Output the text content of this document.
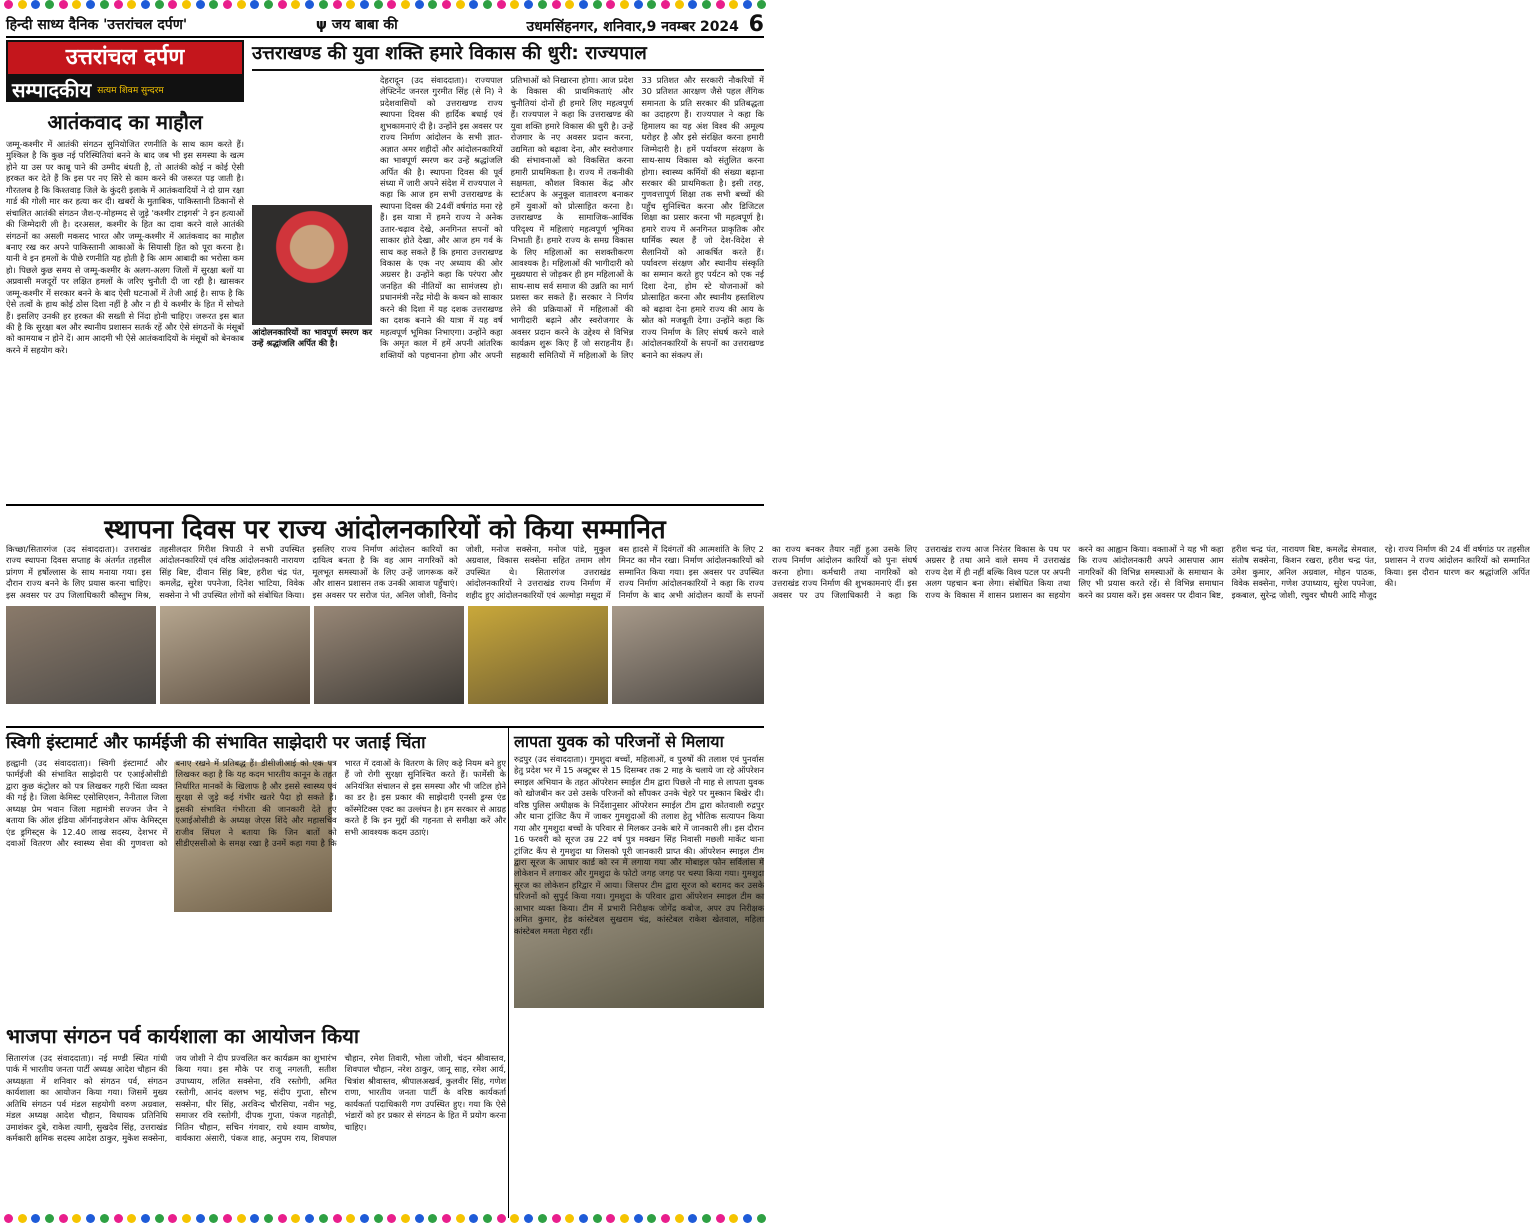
हिन्दी साध्य दैनिक 'उत्तरांचल दर्पण'	ψ जय बाबा की	उधमसिंहनगर, शनिवार,9 नवम्बर 2024 6
उत्तरांचल दर्पण
सम्पादकीय सत्यम शिवम सुन्दरम
आतंकवाद का माहौल
जम्मू-कश्मीर में आतंकी संगठन सुनियोजित रणनीति के साथ काम करते हैं। मुश्किल है कि कुछ नई परिस्थितियां बनने के बाद जब भी इस समस्या के खत्म होने या उस पर काबू पाने की उम्मीद बंधती है, तो आतंकी कोई न कोई ऐसी हरकत कर देते हैं कि इस पर नए सिरे से काम करने की जरूरत पड़ जाती है। गौरतलब है कि किश्तवाड़ जिले के कुंदरी इलाके में आतंकवादियों ने दो ग्राम रक्षा गार्ड की गोली मार कर हत्या कर दी। खबरों के मुताबिक, पाकिस्तानी ठिकानों से संचालित आतंकी संगठन जैश-ए-मोहम्मद से जुड़े 'कश्मीर टाइगर्स' ने इन हत्याओं की जिम्मेदारी ली है। दरअसल, कश्मीर के हित का दावा करने वाले आतंकी संगठनों का असली मकसद भारत और जम्मू-कश्मीर में आतंकवाद का माहौल बनाए रख कर अपने पाकिस्तानी आकाओं के सियासी हित को पूरा करना है। यानी वे इन हमलों के पीछे रणनीति यह होती है कि आम आबादी का भरोसा कम हो। पिछले कुछ समय से जम्मू-कश्मीर के अलग-अलग जिलों में सुरक्षा बलों या अप्रवासी मजदूरों पर लक्षित हमलों के जरिए चुनौती दी जा रही है। खासकर जम्मू-कश्मीर में सरकार बनने के बाद ऐसी घटनाओं में तेजी आई है। साफ है कि ऐसे तत्वों के हाथ कोई ठोस दिशा नहीं है और न ही ये कश्मीर के हित में सोचते हैं। इसलिए उनकी हर हरकत की सख्ती से निंदा होनी चाहिए। जरूरत इस बात की है कि सुरक्षा बल और स्थानीय प्रशासन सतर्क रहें और ऐसे संगठनों के मंसूबों को कामयाब न होने दें। आम आदमी भी ऐसे आतंकवादियों के मंसूबों को बेनकाब करने में सहयोग करे।
उत्तराखण्ड की युवा शक्ति हमारे विकास की धुरी: राज्यपाल
आंदोलनकारियों का भावपूर्ण स्मरण कर उन्हें श्रद्धांजलि अर्पित की है।
देहरादून (उद संवाददाता)। राज्यपाल लेफ्टिनेंट जनरल गुरमीत सिंह (से नि) ने प्रदेशवासियों को उत्तराखण्ड राज्य स्थापना दिवस की हार्दिक बधाई एवं शुभकामनाएं दी है। उन्होंने इस अवसर पर राज्य निर्माण आंदोलन के सभी ज्ञात-अज्ञात अमर शहीदों और आंदोलनकारियों का भावपूर्ण स्मरण कर उन्हें श्रद्धांजलि अर्पित की है। स्थापना दिवस की पूर्व संध्या में जारी अपने संदेश में राज्यपाल ने कहा कि आज हम सभी उत्तराखण्ड के स्थापना दिवस की 24वीं वर्षगांठ मना रहे हैं। इस यात्रा में हमने राज्य ने अनेक उतार-चढ़ाव देखे, अनगिनत सपनों को साकार होते देखा, और आज हम गर्व के साथ कह सकते हैं कि हमारा उत्तराखण्ड विकास के एक नए अध्याय की ओर अग्रसर है। उन्होंने कहा कि परंपरा और जनहित की नीतियों का सामंजस्य हो। प्रधानमंत्री नरेंद्र मोदी के कथन को साकार करने की दिशा में यह दशक उत्तराखण्ड का दशक बनाने की यात्रा में यह वर्ष महत्वपूर्ण भूमिका निभाएगा। उन्होंने कहा कि अमृत काल में हमें अपनी आंतरिक शक्तियों को पहचानना होगा और अपनी प्रतिभाओं को निखारना होगा। आज प्रदेश के विकास की प्राथमिकताएं और चुनौतियां दोनों ही हमारे लिए महत्वपूर्ण हैं। राज्यपाल ने कहा कि उत्तराखण्ड की युवा शक्ति हमारे विकास की धुरी है। उन्हें रोजगार के नए अवसर प्रदान करना, उद्यमिता को बढ़ावा देना, और स्वरोजगार की संभावनाओं को विकसित करना हमारी प्राथमिकता है। राज्य में तकनीकी सक्षमता, कौशल विकास केंद्र और स्टार्टअप के अनुकूल वातावरण बनाकर हमें युवाओं को प्रोत्साहित करना है। उत्तराखण्ड के सामाजिक-आर्थिक परिदृश्य में महिलाएं महत्वपूर्ण भूमिका निभाती हैं। हमारे राज्य के समग्र विकास के लिए महिलाओं का सशक्तीकरण आवश्यक है। महिलाओं की भागीदारी को मुख्यधारा से जोड़कर ही हम महिलाओं के साथ-साथ सर्व समाज की उन्नति का मार्ग प्रशस्त कर सकते हैं। सरकार ने निर्णय लेने की प्रक्रियाओं में महिलाओं की भागीदारी बढ़ाने और स्वरोजगार के अवसर प्रदान करने के उद्देश्य से विभिन्न कार्यक्रम शुरू किए हैं जो सराहनीय हैं। सहकारी समितियों में महिलाओं के लिए 33 प्रतिशत और सरकारी नौकरियों में 30 प्रतिशत आरक्षण जैसे पहल लैंगिक समानता के प्रति सरकार की प्रतिबद्धता का उदाहरण हैं। राज्यपाल ने कहा कि हिमालय का यह अंश विश्व की अमूल्य धरोहर है और इसे संरक्षित करना हमारी जिम्मेदारी है। हमें पर्यावरण संरक्षण के साथ-साथ विकास को संतुलित करना होगा। स्वास्थ्य कर्मियों की संख्या बढ़ाना सरकार की प्राथमिकता है। इसी तरह, गुणवत्तापूर्ण शिक्षा तक सभी बच्चों की पहुँच सुनिश्चित करना और डिजिटल शिक्षा का प्रसार करना भी महत्वपूर्ण है। हमारे राज्य में अनगिनत प्राकृतिक और धार्मिक स्थल हैं जो देश-विदेश से सैलानियों को आकर्षित करते हैं। पर्यावरण संरक्षण और स्थानीय संस्कृति का सम्मान करते हुए पर्यटन को एक नई दिशा देना, होम स्टे योजनाओं को प्रोत्साहित करना और स्थानीय हस्तशिल्प को बढ़ावा देना हमारे राज्य की आय के स्रोत को मजबूती देगा। उन्होंने कहा कि राज्य निर्माण के लिए संघर्ष करने वाले आंदोलनकारियों के सपनों का उत्तराखण्ड बनाने का संकल्प लें।
स्थापना दिवस पर राज्य आंदोलनकारियों को किया सम्मानित
किच्छा/सितारगंज (उद संवाददाता)। उत्तराखंड राज्य स्थापना दिवस सप्ताह के अंतर्गत तहसील प्रांगण में हर्षोल्लास के साथ मनाया गया। इस दौरान राज्य बनने के लिए प्रयास करना चाहिए। इस अवसर पर उप जिलाधिकारी कौस्तुभ मिश्र, तहसीलदार गिरीश त्रिपाठी ने सभी उपस्थित आंदोलनकारियों एवं वरिष्ठ आंदोलनकारी नारायण सिंह बिष्ट, दीवान सिंह बिष्ट, हरीश चंद्र पंत, कमलेंद्र, सुरेश पपनेजा, दिनेश भाटिया, विवेक सक्सेना ने भी उपस्थित लोगों को संबोधित किया। इसलिए राज्य निर्माण आंदोलन कारियों का दायित्व बनता है कि वह आम नागरिकों को मूलभूत समस्याओं के लिए उन्हें जागरूक करें और शासन प्रशासन तक उनकी आवाज पहुँचाएं। इस अवसर पर सरोज पंत, अनिल जोशी, विनोद जोशी, मनोज सक्सेना, मनोज पांडे, मुकुल अग्रवाल, विकास सक्सेना सहित तमाम लोग उपस्थित थे। सितारगंज उत्तराखंड आंदोलनकारियों ने उत्तराखंड राज्य निर्माण में शहीद हुए आंदोलनकारियों एवं अल्मोड़ा मसूदा में बस हादसे में दिवंगतों की आत्मशांति के लिए 2 मिनट का मौन रखा। निर्माण आंदोलनकारियों को सम्मानित किया गया। इस अवसर पर उपस्थित राज्य निर्माण आंदोलनकारियों ने कहा कि राज्य निर्माण के बाद अभी आंदोलन कार्यों के सपनों का राज्य बनकर तैयार नहीं हुआ उसके लिए राज्य निर्माण आंदोलन कारियों को पुनः संघर्ष करना होगा। कर्मचारी तथा नागरिकों को उत्तराखंड राज्य निर्माण की शुभकामनाएं दीं। इस अवसर पर उप जिलाधिकारी ने कहा कि उत्तराखंड राज्य आज निरंतर विकास के पथ पर अग्रसर है तथा आने वाले समय में उत्तराखंड राज्य देश में ही नहीं बल्कि विश्व पटल पर अपनी अलग पहचान बना लेगा। संबोधित किया तथा राज्य के विकास में शासन प्रशासन का सहयोग करने का आह्वान किया। वक्ताओं ने यह भी कहा कि राज्य आंदोलनकारी अपने आसपास आम नागरिकों की विभिन्न समस्याओं के समाधान के लिए भी प्रयास करते रहें। से विभिन्न समाधान करने का प्रयास करें। इस अवसर पर दीवान बिष्ट, हरीश चन्द्र पंत, नारायण बिष्ट, कमलेंद्र सेमवाल, संतोष सक्सेना, किशन रखरा, हरीश चन्द्र पंत, उमेश कुमार, अनिल अग्रवाल, मोहन पाठक, विवेक सक्सेना, गणेश उपाध्याय, सुरेश पपनेजा, इकबाल, सुरेन्द्र जोशी, रघुवर चौधरी आदि मौजूद रहे। राज्य निर्माण की 24 वीं वर्षगांठ पर तहसील प्रशासन ने राज्य आंदोलन कारियों को सम्मानित किया। इस दौरान धारण कर श्रद्धांजलि अर्पित की।
स्विगी इंस्टामार्ट और फार्मईजी की संभावित साझेदारी पर जताई चिंता
हल्द्वानी (उद संवाददाता)। स्विगी इंस्टामार्ट और फार्मईजी की संभावित साझेदारी पर एआईओसीडी द्वारा कुछ कंट्रोलर को पत्र लिखकर गहरी चिंता व्यक्त की गई है। जिला केमिस्ट एसोसिएशन, नैनीताल जिला अध्यक्ष प्रेम भवान जिला महामंत्री सज्जन जैन ने बताया कि ऑल इंडिया ऑर्गनाइजेशन ऑफ केमिस्ट्स एंड ड्रगिस्ट्स के 12.40 लाख सदस्य, देशभर में दवाओं वितरण और स्वास्थ्य सेवा की गुणवत्ता को बनाए रखने में प्रतिबद्ध हैं। डीसीजीआई को एक पत्र लिखकर कहा है कि यह कदम भारतीय कानून के तहत निर्धारित मानकों के खिलाफ है और इससे स्वास्थ्य एवं सुरक्षा से जुड़े कई गंभीर खतरे पैदा हो सकते हैं। इसकी संभावित गंभीरता की जानकारी देते हुए एआईओसीडी के अध्यक्ष जेएस शिंदे और महासचिव राजीव सिंघल ने बताया कि जिन बातों को सीडीएससीओ के समक्ष रखा है उनमें कहा गया है कि भारत में दवाओं के वितरण के लिए कड़े नियम बने हुए हैं जो रोगी सुरक्षा सुनिश्चित करते हैं। फार्मेसी के अनियंत्रित संचालन से इस समस्या और भी जटिल होने का डर है। इस प्रकार की साझेदारी एनसी ड्रग्स एंड कॉस्मेटिक्स एक्ट का उल्लंघन है। हम सरकार से आग्रह करते हैं कि इन मुद्दों की गहनता से समीक्षा करें और सभी आवश्यक कदम उठाएं।
लापता युवक को परिजनों से मिलाया
रुद्रपुर (उद संवाददाता)। गुमशुदा बच्चों, महिलाओं, व पुरुषों की तलाश एवं पुनर्वास हेतु प्रदेश भर में 15 अक्टूबर से 15 दिसम्बर तक 2 माह के चलाये जा रहे ऑपरेशन स्माइल अभियान के तहत ऑपरेशन स्माईल टीम द्वारा पिछले नौ माह से लापता युवक को खोजबीन कर उसे उसके परिजनों को सौंपकर उनके चेहरे पर मुस्कान बिखेर दी। वरिष्ठ पुलिस अधीक्षक के निर्देशानुसार ऑपरेशन स्माईल टीम द्वारा कोतवाली रुद्रपुर और थाना ट्रांजिट कैंप में जाकर गुमशुदाओं की तलाश हेतु भौतिक सत्यापन किया गया और गुमशुदा बच्चों के परिवार से मिलकर उनके बारे में जानकारी ली। इस दौरान 16 फरवरी को सूरज उम्र 22 वर्ष पुत्र मक्खन सिंह निवासी मछली मार्केट थाना ट्रांजिट कैंप से गुमशुदा था जिसको पूरी जानकारी प्राप्त की। ऑपरेशन स्माइल टीम द्वारा सूरज के आधार कार्ड को रन में लगाया गया और मोबाइल फोन सर्विलांस में लोकेशन में लगाकर और गुमशुदा के फोटो जगह जगह पर चस्पा किया गया। गुमशुदा सूरज का लोकेशन हरिद्वार में आया। जिसपर टीम द्वारा सूरज को बरामद कर उसके परिजनों को सुपुर्द किया गया। गुमशुदा के परिवार द्वारा ऑपरेशन स्माइल टीम का आभार व्यक्त किया। टीम में प्रभारी निरीक्षक जोगेंद्र कबोज, अपर उप निरीक्षक अमित कुमार, हेड कांस्टेबल सुखराम चंद्र, कांस्टेबल राकेश खेतवाल, महिला कांस्टेबल ममता मेहरा रहीं।
भाजपा संगठन पर्व कार्यशाला का आयोजन किया
सितारगंज (उद संवाददाता)। नई मण्डी स्थित गांधी पार्क में भारतीय जनता पार्टी अध्यक्ष आदेश चौहान की अध्यक्षता में शनिवार को संगठन पर्व, संगठन कार्यशाला का आयोजन किया गया। जिसमें मुख्य अतिथि संगठन पर्व मंडल सहयोगी वरुण अग्रवाल, मंडल अध्यक्ष आदेश चौहान, विधायक प्रतिनिधि उमाशंकर दुबे, राकेश त्यागी, सुखदेव सिंह, उत्तराखंड कर्मकारी क्षमिक सदस्य आदेश ठाकुर, मुकेश सक्सेना, जय जोशी ने दीप प्रज्वलित कर कार्यक्रम का शुभारंभ किया गया। इस मौके पर राजू नगलती, सतीश उपाध्याय, ललित सक्सेना, रवि रस्तोगी, अमित रस्तोगी, आनंद वल्लभ भट्ट, संदीप गुप्ता, सौरभ सक्सेना, धीर सिंह, अरविन्द चौरसिया, नवीन भट्ट, समाजर रवि रस्तोगी, दीपक गुप्ता, पंकज गहतोड़ी, नितिन चौहान, सचिन गंगवार, राधे श्याम वाष्णेय, वार्यकारा अंसारी, पंकज शाह, अनुपम राय, शिवपाल चौहान, रमेश तिवारी, भोला जोशी, चंदन श्रीवास्तव, शिवपाल चौहान, नरेश ठाकुर, जानू साह, रमेश आर्य, चित्रांश श्रीवास्तव, श्रीपालअखर्व, कुलवीर सिंह, गणेश राणा, भारतीय जनता पार्टी के वरिष्ठ कार्यकर्ता कार्यकर्ता पदाधिकारी गण उपस्थित हुए। गया कि ऐसे भंडारों को हर प्रकार से संगठन के हित में प्रयोग करना चाहिए।
